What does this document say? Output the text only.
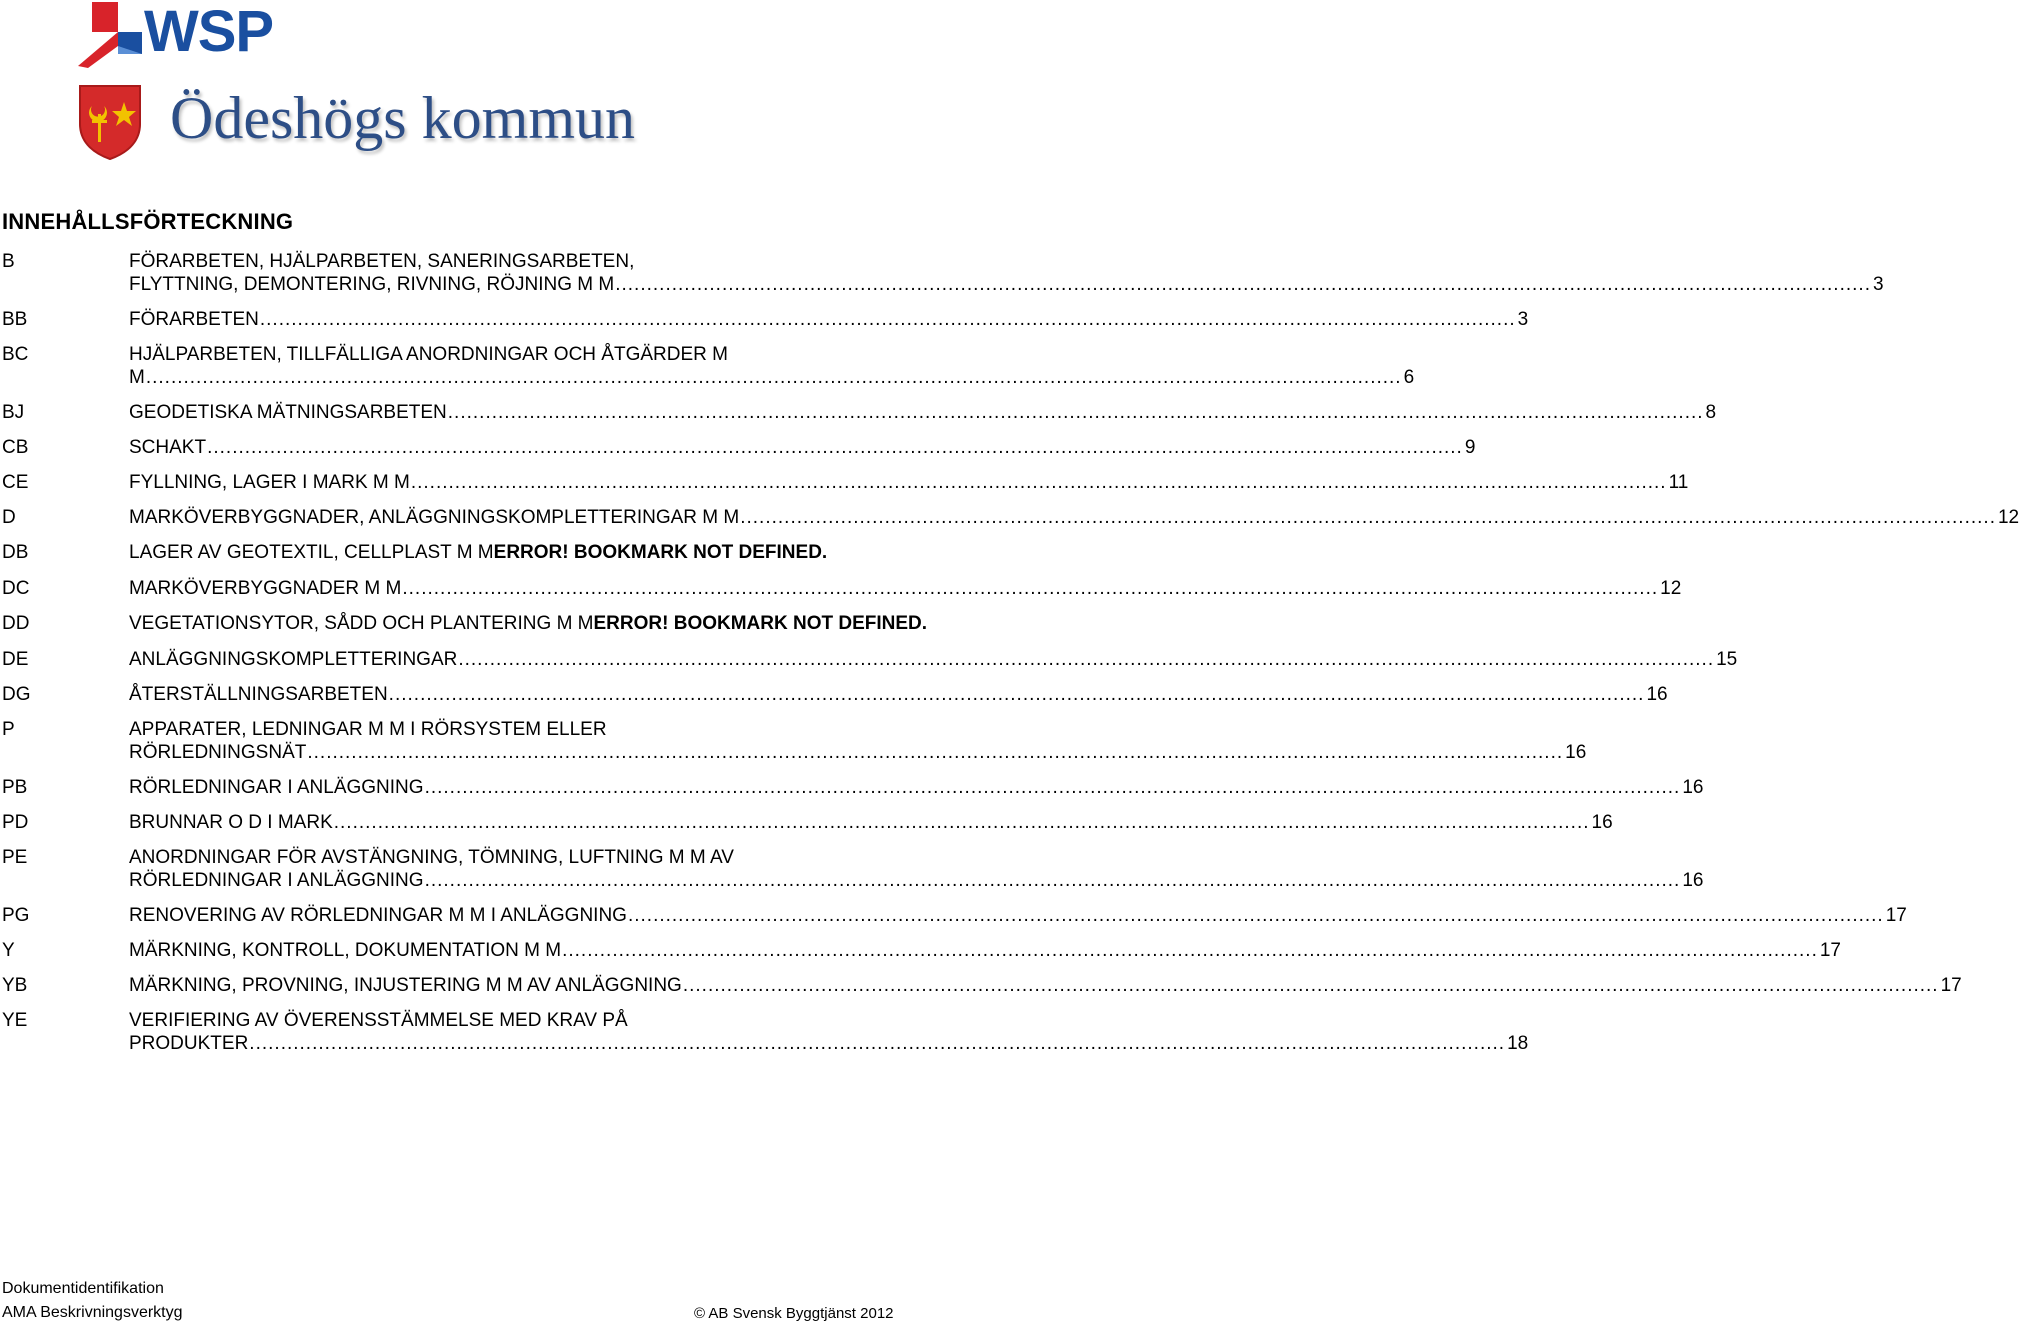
WSP
Ödeshögs kommun
INNEHÅLLSFÖRTECKNING
B	FÖRARBETEN, HJÄLPARBETEN, SANERINGSARBETEN,
FLYTTNING, DEMONTERING, RIVNING, RÖJNING M M ........................................................................................................................................................................................................ 3
BB	FÖRARBETEN ........................................................................................................................................................................................................ 3
BC	HJÄLPARBETEN, TILLFÄLLIGA ANORDNINGAR OCH ÅTGÄRDER M
M ........................................................................................................................................................................................................ 6
BJ	GEODETISKA MÄTNINGSARBETEN ........................................................................................................................................................................................................ 8
CB	SCHAKT ........................................................................................................................................................................................................ 9
CE	FYLLNING, LAGER I MARK M M ........................................................................................................................................................................................................ 11
D	MARKÖVERBYGGNADER, ANLÄGGNINGSKOMPLETTERINGAR M M ........................................................................................................................................................................................................ 12
DB	LAGER AV GEOTEXTIL, CELLPLAST M MERROR! BOOKMARK NOT DEFINED.
DC	MARKÖVERBYGGNADER M M ........................................................................................................................................................................................................ 12
DD	VEGETATIONSYTOR, SÅDD OCH PLANTERING M MERROR! BOOKMARK NOT DEFINED.
DE	ANLÄGGNINGSKOMPLETTERINGAR ........................................................................................................................................................................................................ 15
DG	ÅTERSTÄLLNINGSARBETEN ........................................................................................................................................................................................................ 16
P	APPARATER, LEDNINGAR M M I RÖRSYSTEM ELLER
RÖRLEDNINGSNÄT ........................................................................................................................................................................................................ 16
PB	RÖRLEDNINGAR I ANLÄGGNING ........................................................................................................................................................................................................ 16
PD	BRUNNAR O D I MARK ........................................................................................................................................................................................................ 16
PE	ANORDNINGAR FÖR AVSTÄNGNING, TÖMNING, LUFTNING M M AV
RÖRLEDNINGAR I ANLÄGGNING ........................................................................................................................................................................................................ 16
PG	RENOVERING AV RÖRLEDNINGAR M M I ANLÄGGNING ........................................................................................................................................................................................................ 17
Y	MÄRKNING, KONTROLL, DOKUMENTATION M M ........................................................................................................................................................................................................ 17
YB	MÄRKNING, PROVNING, INJUSTERING M M AV ANLÄGGNING ........................................................................................................................................................................................................ 17
YE	VERIFIERING AV ÖVERENSSTÄMMELSE MED KRAV PÅ
PRODUKTER ........................................................................................................................................................................................................ 18
Dokumentidentifikation
AMA Beskrivningsverktyg	© AB Svensk Byggtjänst 2012
